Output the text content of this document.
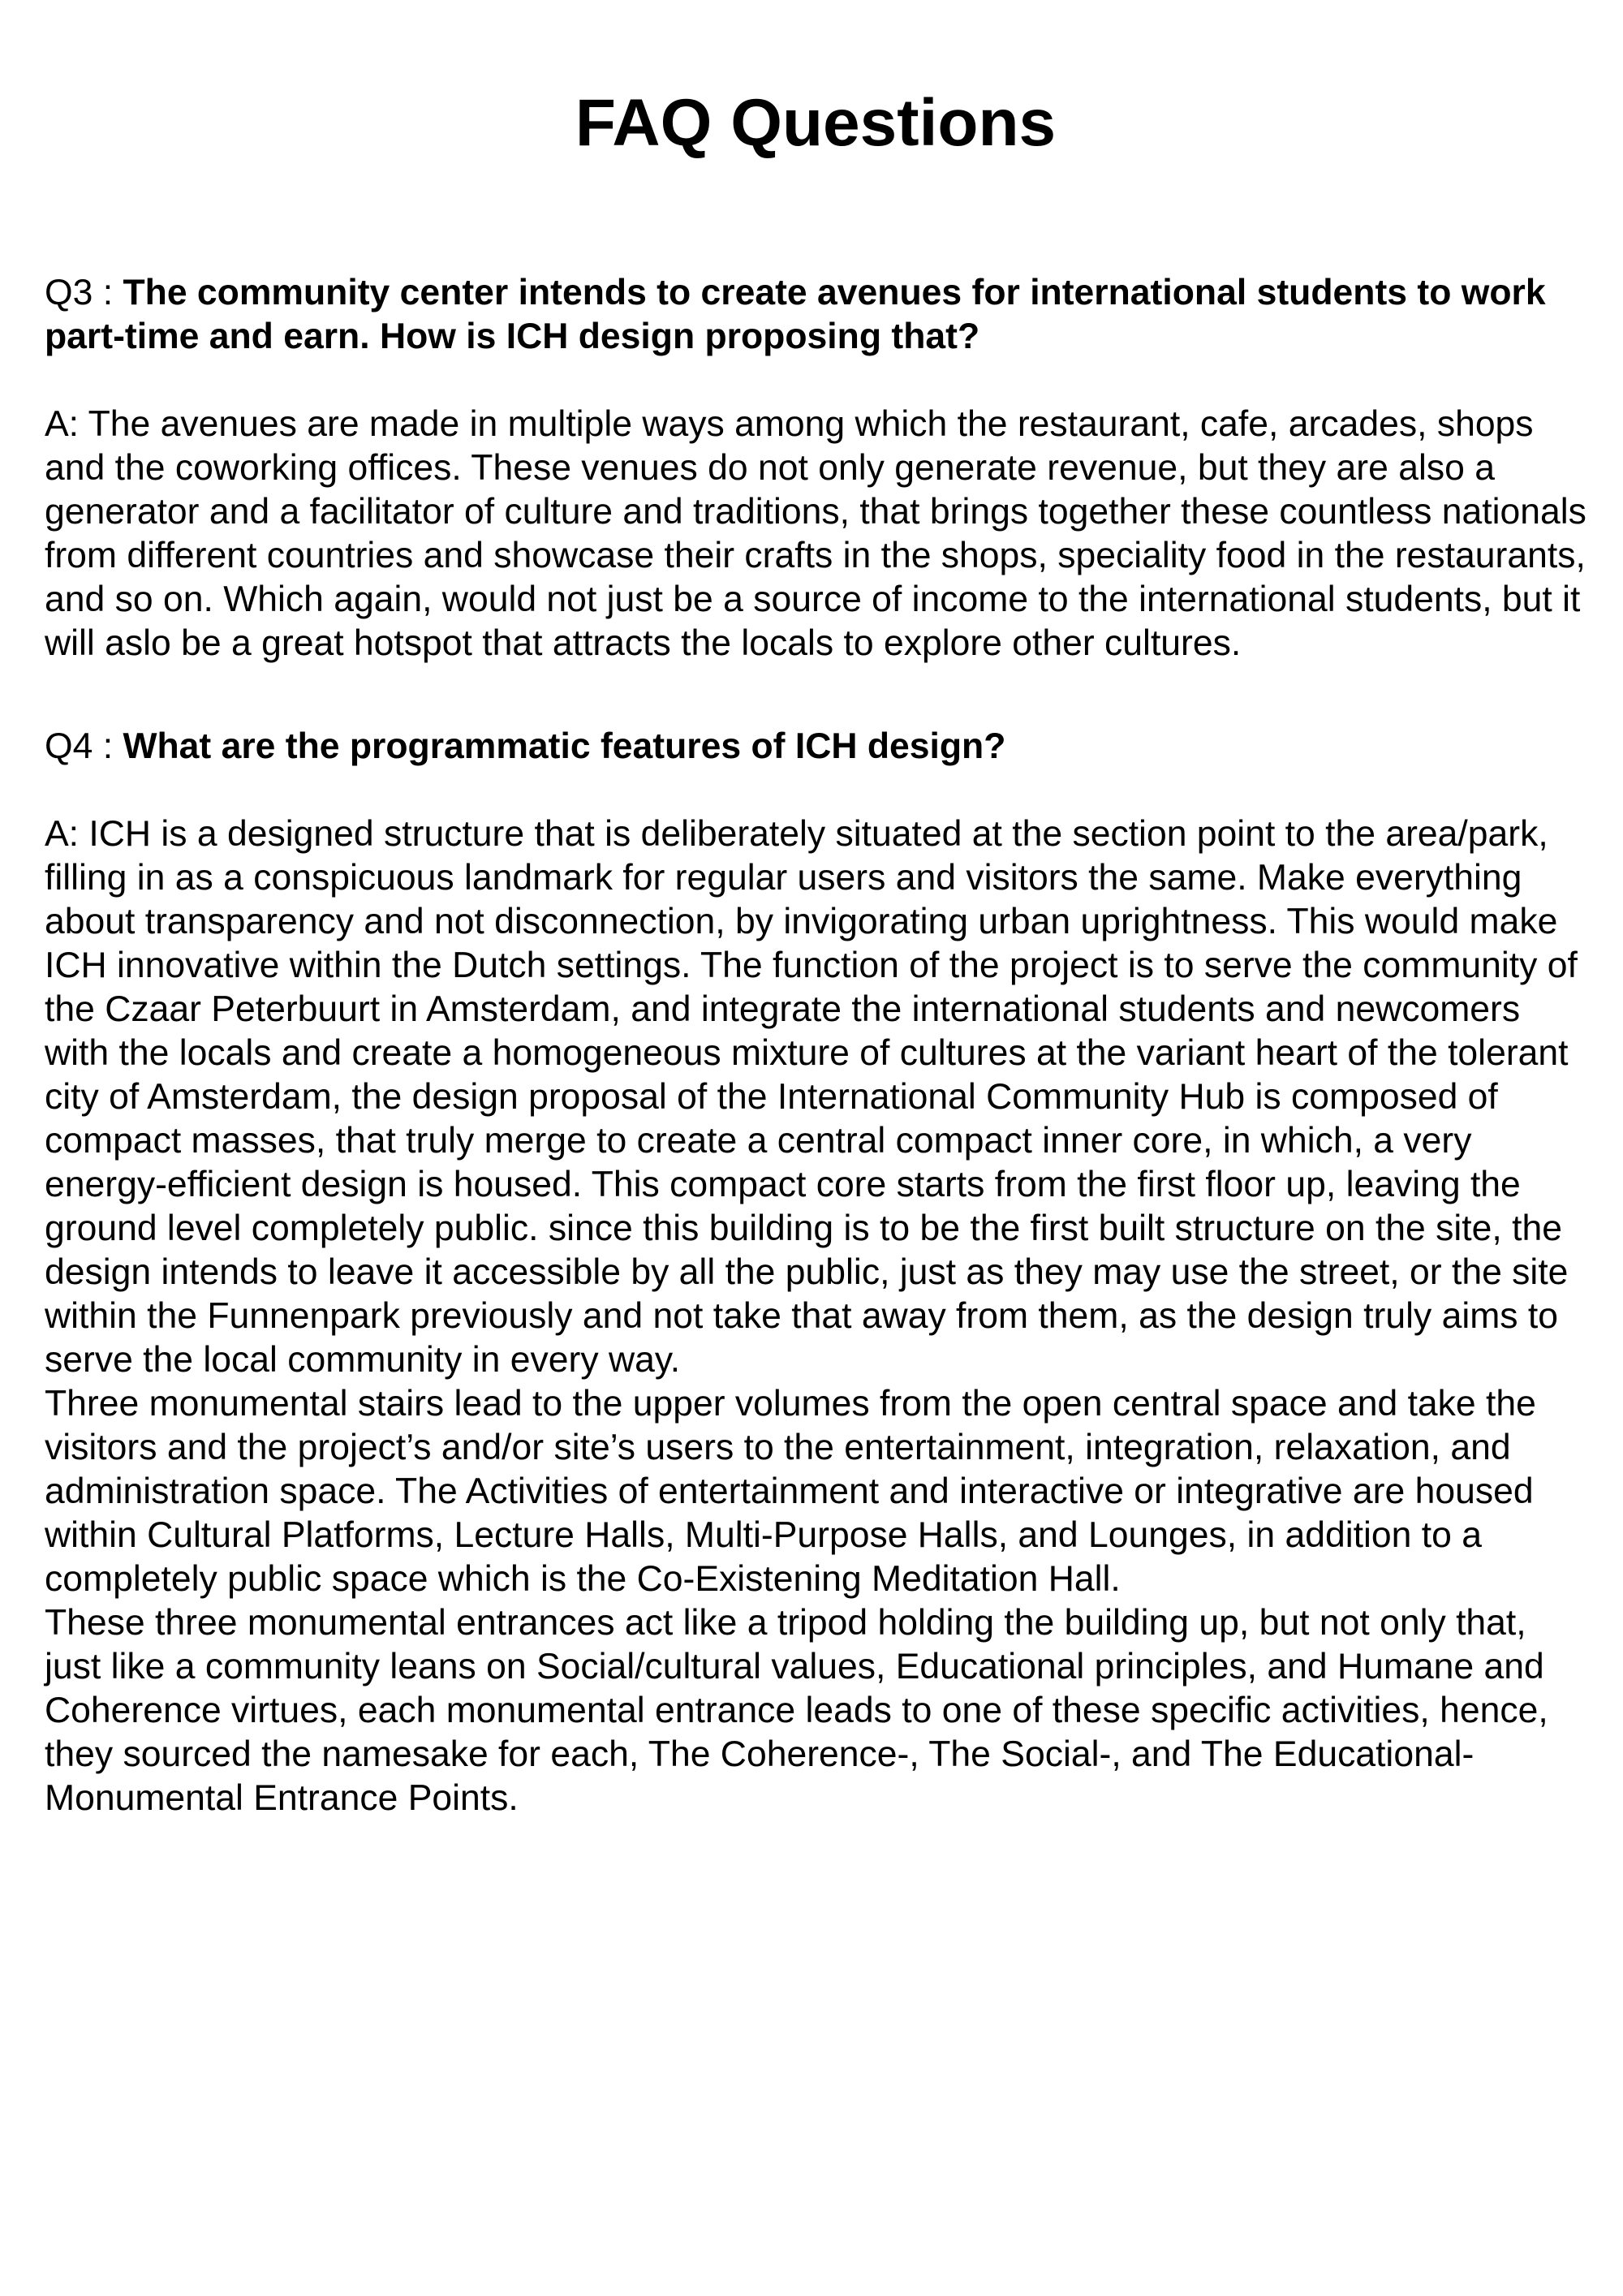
FAQ Questions

Q3 : The community center intends to create avenues for international students to work part-time and earn. How is ICH design proposing that?

A: The avenues are made in multiple ways among which the restaurant, cafe, arcades, shops and the coworking offices. These venues do not only generate revenue, but they are also a generator and a facilitator of culture and traditions, that brings together these countless nationals from different countries and showcase their crafts in the shops, speciality food in the restaurants, and so on. Which again, would not just be a source of income to the international students, but it will aslo be a great hotspot that attracts the locals to explore other cultures.

Q4 : What are the programmatic features of ICH design?

A: ICH is a designed structure that is deliberately situated at the section point to the area/park, filling in as a conspicuous landmark for regular users and visitors the same. Make everything about transparency and not disconnection, by invigorating urban uprightness. This would make ICH innovative within the Dutch settings. The function of the project is to serve the community of the Czaar Peterbuurt in Amsterdam, and integrate the international students and newcomers with the locals and create a homogeneous mixture of cultures at the variant heart of the tolerant city of Amsterdam, the design proposal of the International Community Hub is composed of compact masses, that truly merge to create a central compact inner core, in which, a very energy-efficient design is housed. This compact core starts from the first floor up, leaving the ground level completely public. since this building is to be the first built structure on the site, the design intends to leave it accessible by all the public, just as they may use the street, or the site within the Funnenpark previously and not take that away from them, as the design truly aims to serve the local community in every way.

Three monumental stairs lead to the upper volumes from the open central space and take the visitors and the project’s and/or site’s users to the entertainment, integration, relaxation, and administration space. The Activities of entertainment and interactive or integrative are housed within Cultural Platforms, Lecture Halls, Multi-Purpose Halls, and Lounges, in addition to a completely public space which is the Co-Existening Meditation Hall.

These three monumental entrances act like a tripod holding the building up, but not only that, just like a community leans on Social/cultural values, Educational principles, and Humane and Coherence virtues, each monumental entrance leads to one of these specific activities, hence, they sourced the namesake for each, The Coherence-, The Social-, and The Educational- Monumental Entrance Points.
